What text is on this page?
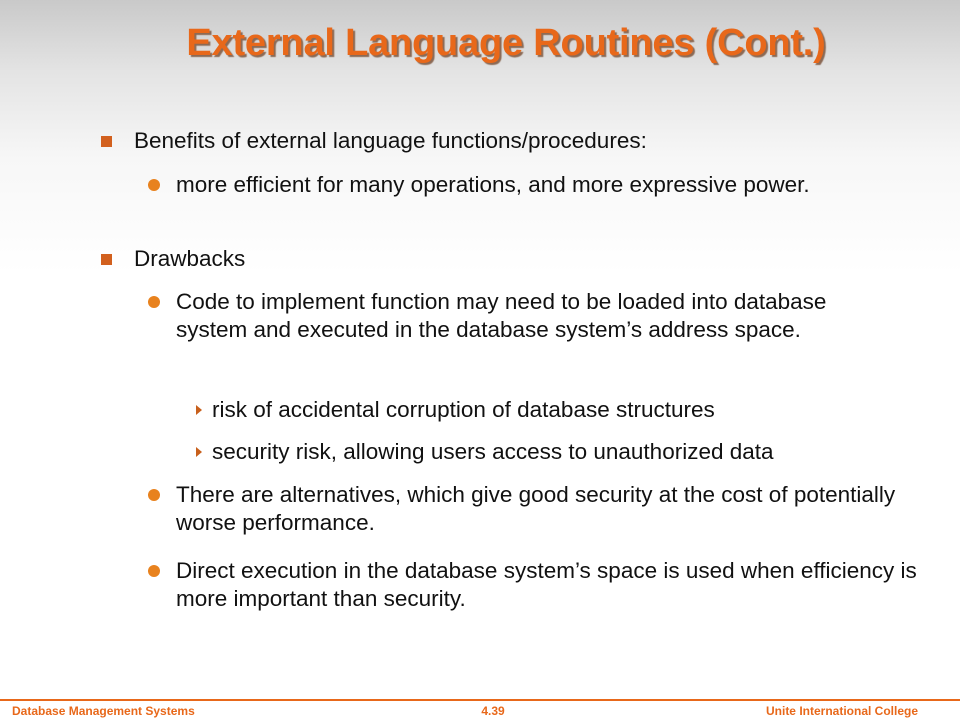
External Language Routines (Cont.)
Benefits of external language functions/procedures:
more efficient for many operations, and more expressive power.
Drawbacks
Code to implement function may need to be loaded into database system and executed in the database system’s address space.
risk of accidental corruption of database structures
security risk, allowing users access to unauthorized data
There are alternatives, which give good security at the cost of potentially worse performance.
Direct execution in the database system’s space is used when efficiency is more important than security.
Database Management Systems	4.39	Unite International College
